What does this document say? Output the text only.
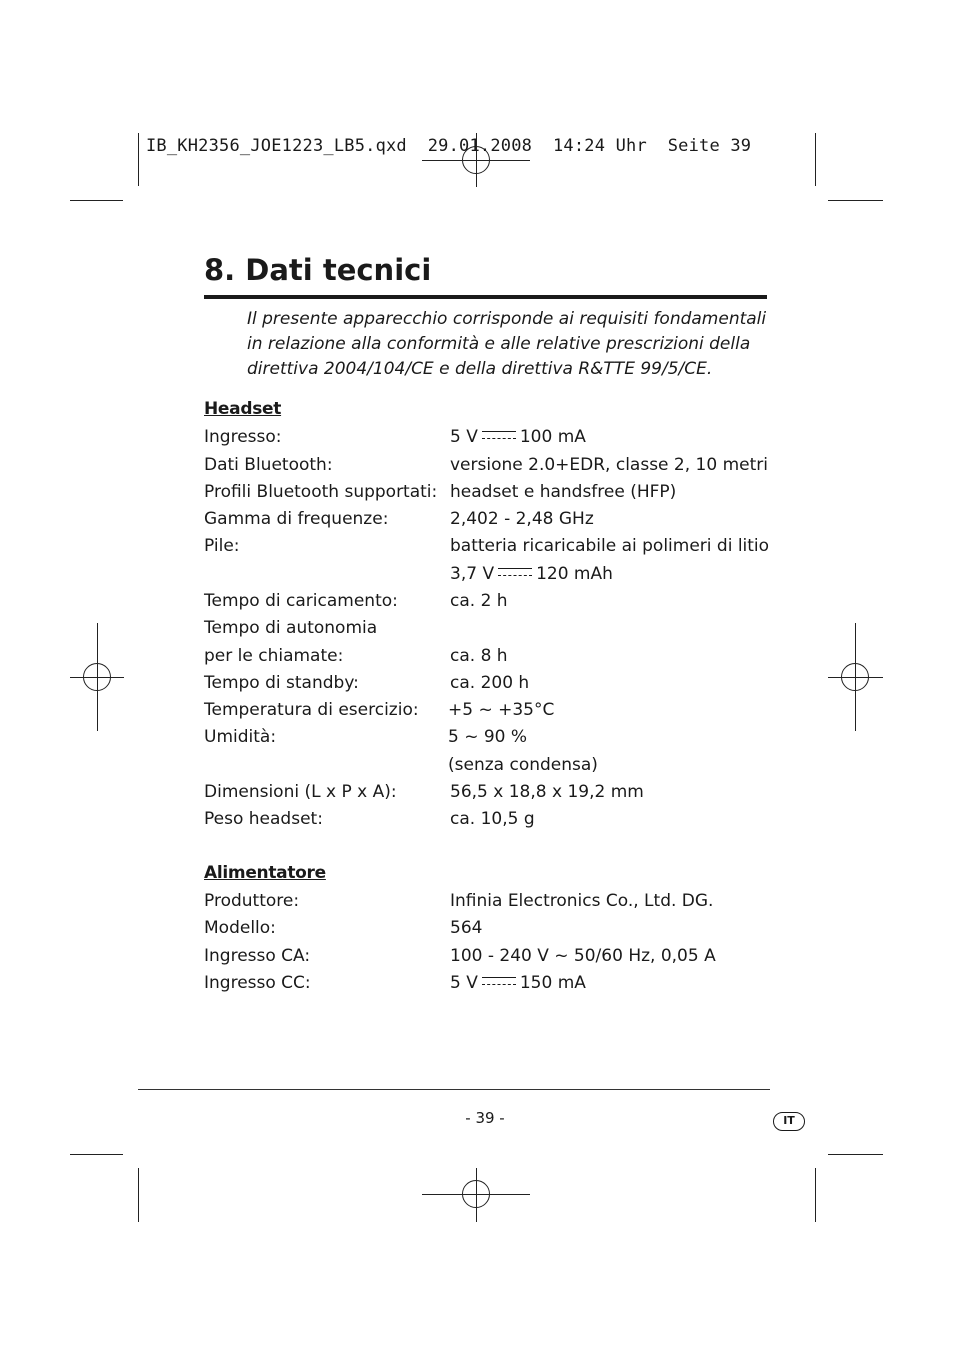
IB_KH2356_JOE1223_LB5.qxd  29.01.2008  14:24 Uhr  Seite 39
8. Dati tecnici
Il presente apparecchio corrisponde ai requisiti fondamentali in relazione alla conformità e alle relative prescrizioni della direttiva 2004/104/CE e della direttiva R&TTE 99/5/CE.
Headset
Ingresso:	5 V 100 mA
Dati Bluetooth:	versione 2.0+EDR, classe 2, 10 metri
Profili Bluetooth supportati: headset e handsfree (HFP)
Gamma di frequenze:	2,402 - 2,48 GHz
Pile:	batteria ricaricabile ai polimeri di litio
3,7 V 120 mAh
Tempo di caricamento:	ca. 2 h
Tempo di autonomia
per le chiamate:	ca. 8 h
Tempo di standby:	ca. 200 h
Temperatura di esercizio: +5 ~ +35°C
Umidità:	5 ~ 90 %
(senza condensa)
Dimensioni (L x P x A):	56,5 x 18,8 x 19,2 mm
Peso headset:	ca. 10,5 g
Alimentatore
Produttore:	Infinia Electronics Co., Ltd. DG.
Modello:	564
Ingresso CA:	100 - 240 V ~ 50/60 Hz, 0,05 A
Ingresso CC:	5 V 150 mA
- 39 -	IT
